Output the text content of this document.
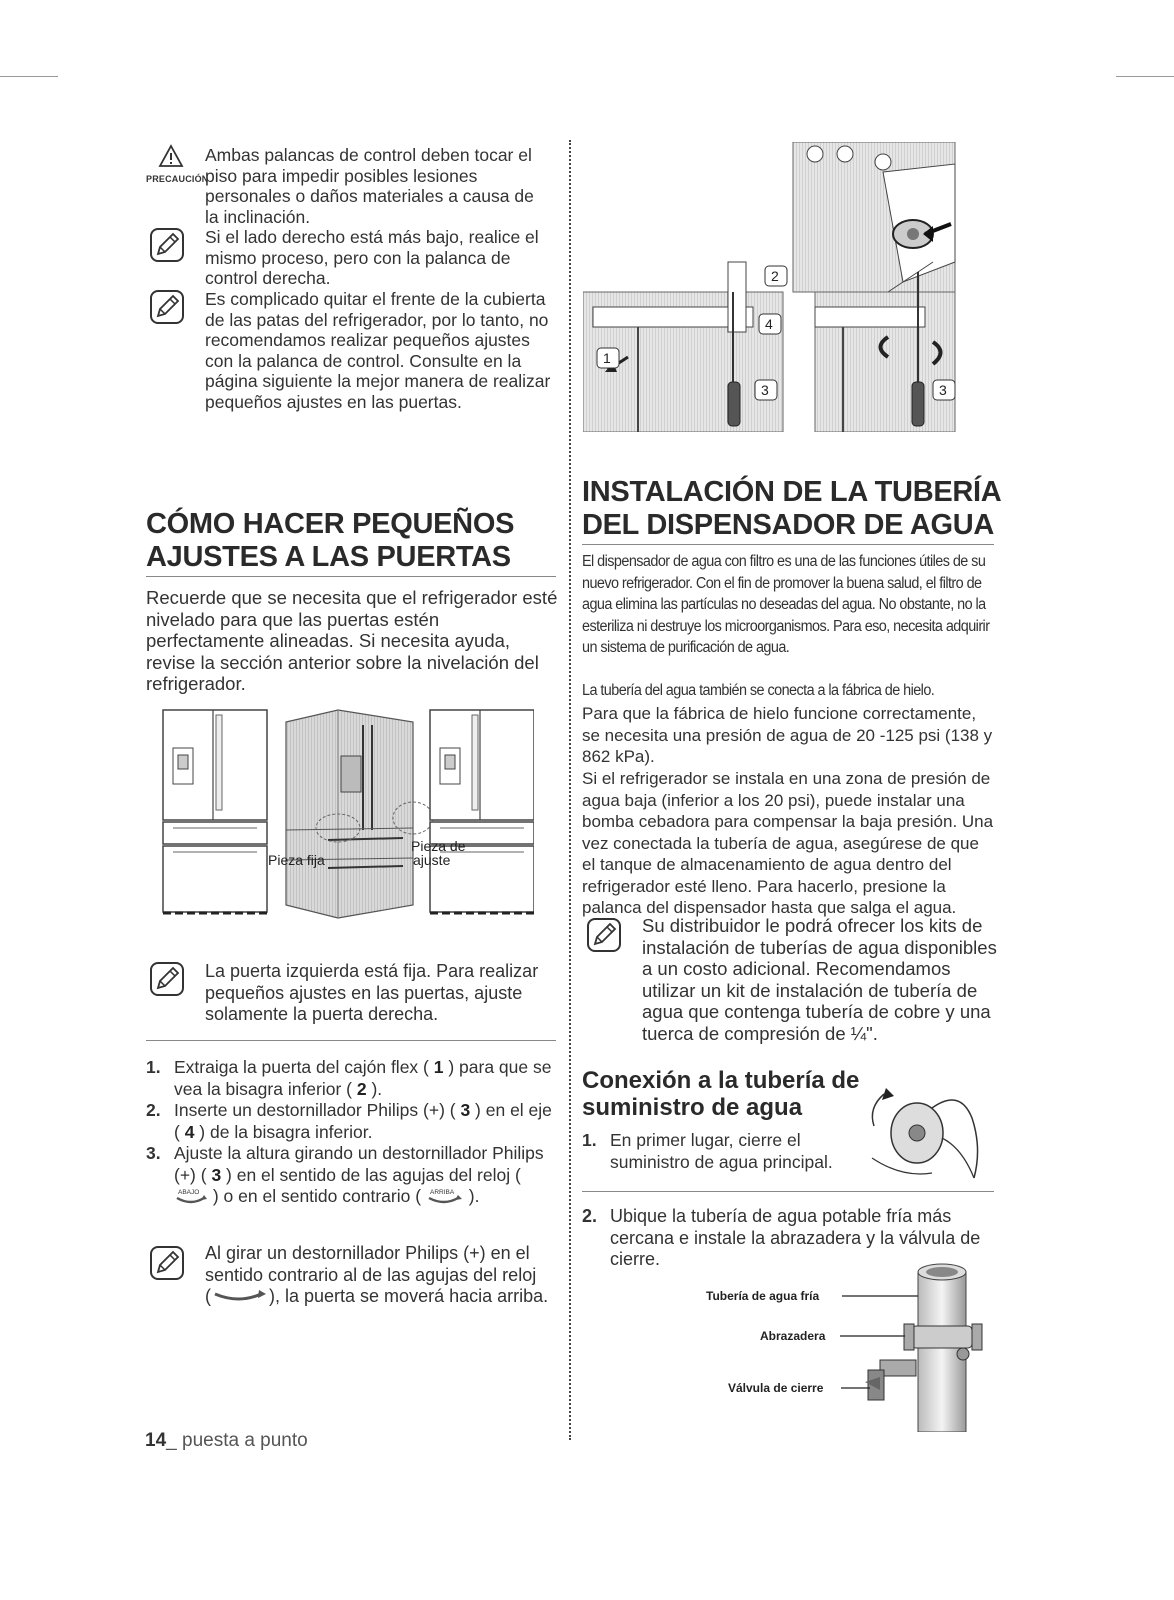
PRECAUCIÓN
Ambas palancas de control deben tocar el piso para impedir posibles lesiones personales o daños materiales a causa de la inclinación.
Si el lado derecho está más bajo, realice el mismo proceso, pero con la palanca de control derecha.
Es complicado quitar el frente de la cubierta de las patas del refrigerador, por lo tanto, no recomendamos realizar pequeños ajustes con la palanca de control. Consulte en la página siguiente la mejor manera de realizar pequeños ajustes en las puertas.
CÓMO HACER PEQUEÑOS
AJUSTES A LAS PUERTAS
Recuerde que se necesita que el refrigerador esté nivelado para que las puertas estén perfectamente alineadas. Si necesita ayuda, revise la sección anterior sobre la nivelación del refrigerador.
Pieza fija
Pieza de
ajuste
La puerta izquierda está fija. Para realizar pequeños ajustes en las puertas, ajuste solamente la puerta derecha.
1. Extraiga la puerta del cajón flex ( 1 ) para que se vea la bisagra inferior ( 2 ).
2. Inserte un destornillador Philips (+) ( 3 ) en el eje ( 4 ) de la bisagra inferior.
3. Ajuste la altura girando un destornillador Philips (+) ( 3 ) en el sentido de las agujas del reloj (
ABAJO ) o en el sentido contrario ( ARRIBA ).
Al girar un destornillador Philips (+) en el sentido contrario al de las agujas del reloj
(	), la puerta se moverá hacia arriba.
14_ puesta a punto
1
2
4
3	3
INSTALACIÓN DE LA TUBERÍA
DEL DISPENSADOR DE AGUA
El dispensador de agua con filtro es una de las funciones útiles de su nuevo refrigerador. Con el fin de promover la buena salud, el filtro de agua elimina las partículas no deseadas del agua. No obstante, no la esteriliza ni destruye los microorganismos. Para eso, necesita adquirir un sistema de purificación de agua.
La tubería del agua también se conecta a la fábrica de hielo.
Para que la fábrica de hielo funcione correctamente, se necesita una presión de agua de 20 -125 psi (138 y 862 kPa).
Si el refrigerador se instala en una zona de presión de agua baja (inferior a los 20 psi), puede instalar una bomba cebadora para compensar la baja presión. Una vez conectada la tubería de agua, asegúrese de que el tanque de almacenamiento de agua dentro del refrigerador esté lleno. Para hacerlo, presione la palanca del dispensador hasta que salga el agua.
Su distribuidor le podrá ofrecer los kits de instalación de tuberías de agua disponibles a un costo adicional. Recomendamos utilizar un kit de instalación de tubería de agua que contenga tubería de cobre y una tuerca de compresión de ¼".
Conexión a la tubería de
suministro de agua
1. En primer lugar, cierre el suministro de agua principal.
2. Ubique la tubería de agua potable fría más cercana e instale la abrazadera y la válvula de cierre.
Tubería de agua fría
Abrazadera
Válvula de cierre
